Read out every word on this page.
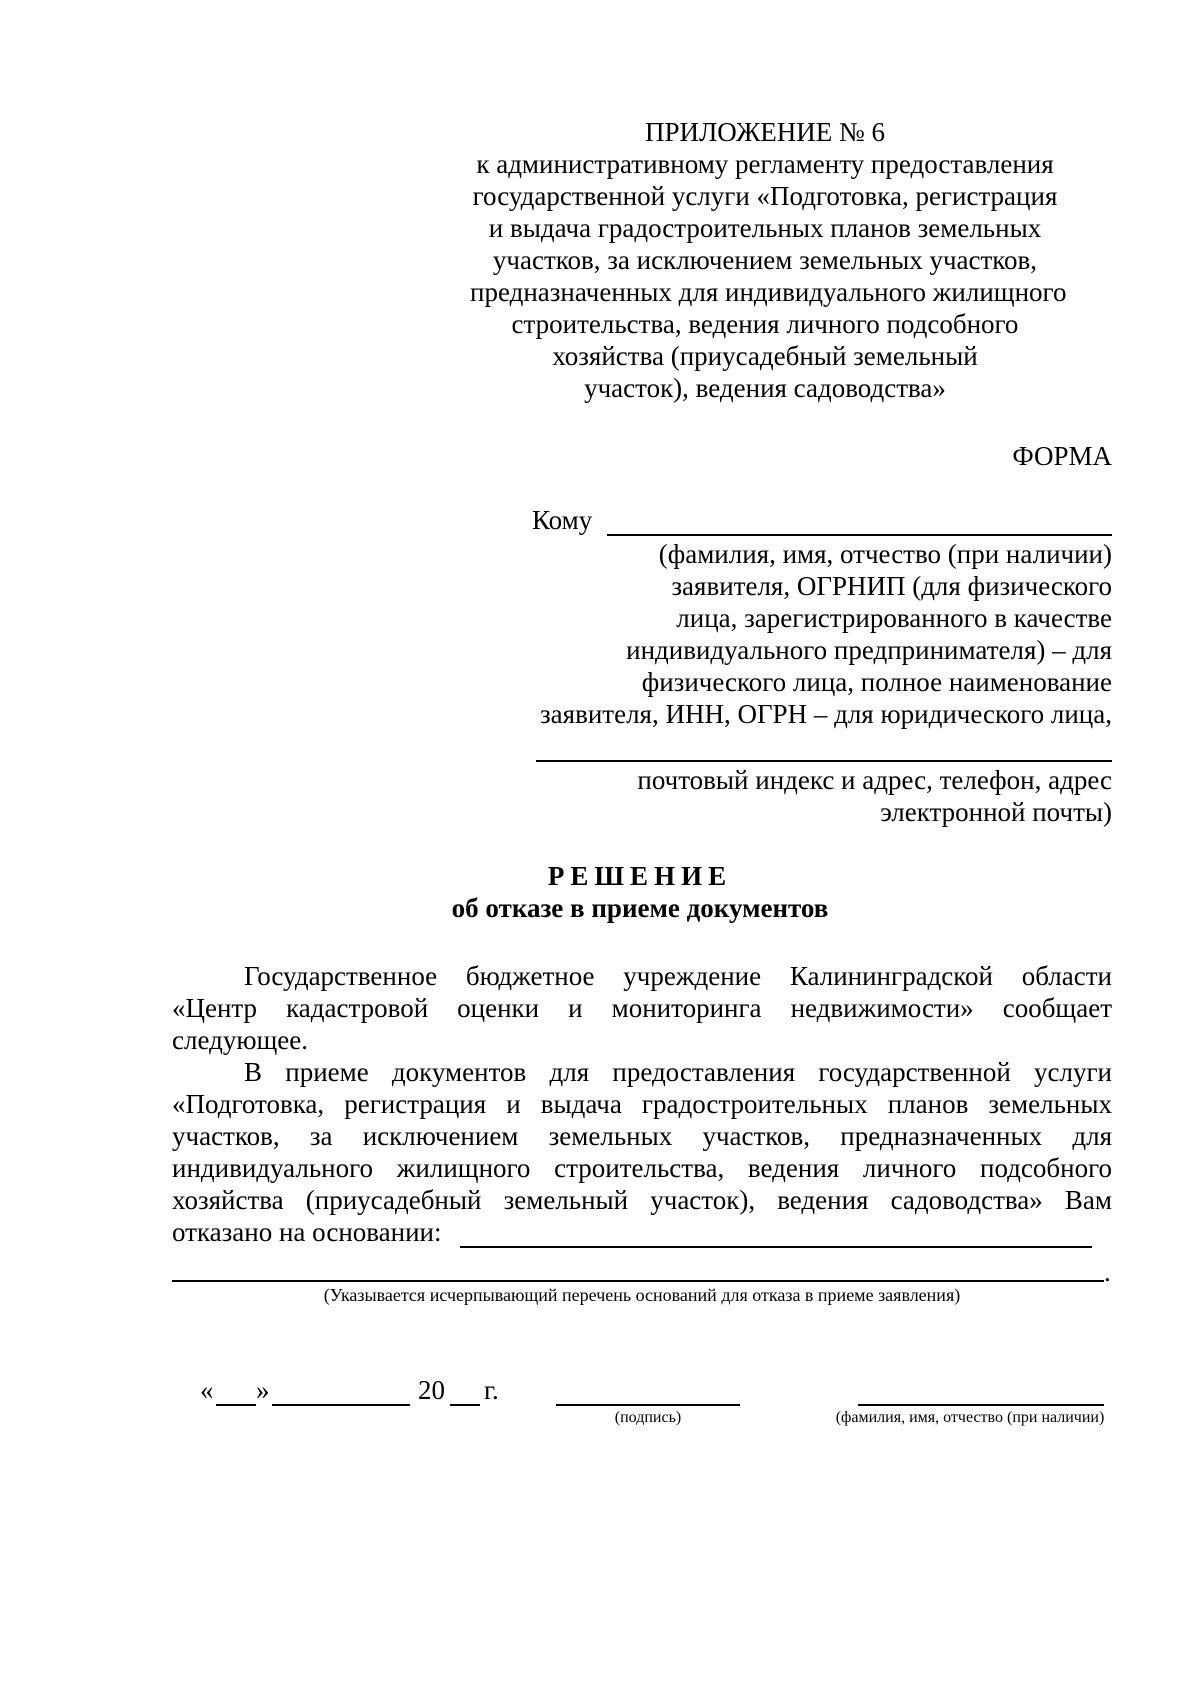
ПРИЛОЖЕНИЕ № 6
к административному регламенту предоставления
государственной услуги «Подготовка, регистрация
и выдача градостроительных планов земельных
участков, за исключением земельных участков,
предназначенных для индивидуального жилищного
строительства, ведения личного подсобного
хозяйства (приусадебный земельный
участок), ведения садоводства»
ФОРМА
Кому
(фамилия, имя, отчество (при наличии)
заявителя, ОГРНИП (для физического
лица, зарегистрированного в качестве
индивидуального предпринимателя) – для
физического лица, полное наименование
заявителя, ИНН, ОГРН – для юридического лица,
почтовый индекс и адрес, телефон, адрес
электронной почты)
РЕШЕНИЕ
об отказе в приеме документов
Государственное бюджетное учреждение Калининградской области
«Центр кадастровой оценки и мониторинга недвижимости» сообщает
следующее.
В приеме документов для предоставления государственной услуги
«Подготовка, регистрация и выдача градостроительных планов земельных
участков, за исключением земельных участков, предназначенных для
индивидуального жилищного строительства, ведения личного подсобного
хозяйства (приусадебный земельный участок), ведения садоводства» Вам
отказано на основании:
.
(Указывается исчерпывающий перечень оснований для отказа в приеме заявления)
« »	20 г.
(подпись)	(фамилия, имя, отчество (при наличии)
